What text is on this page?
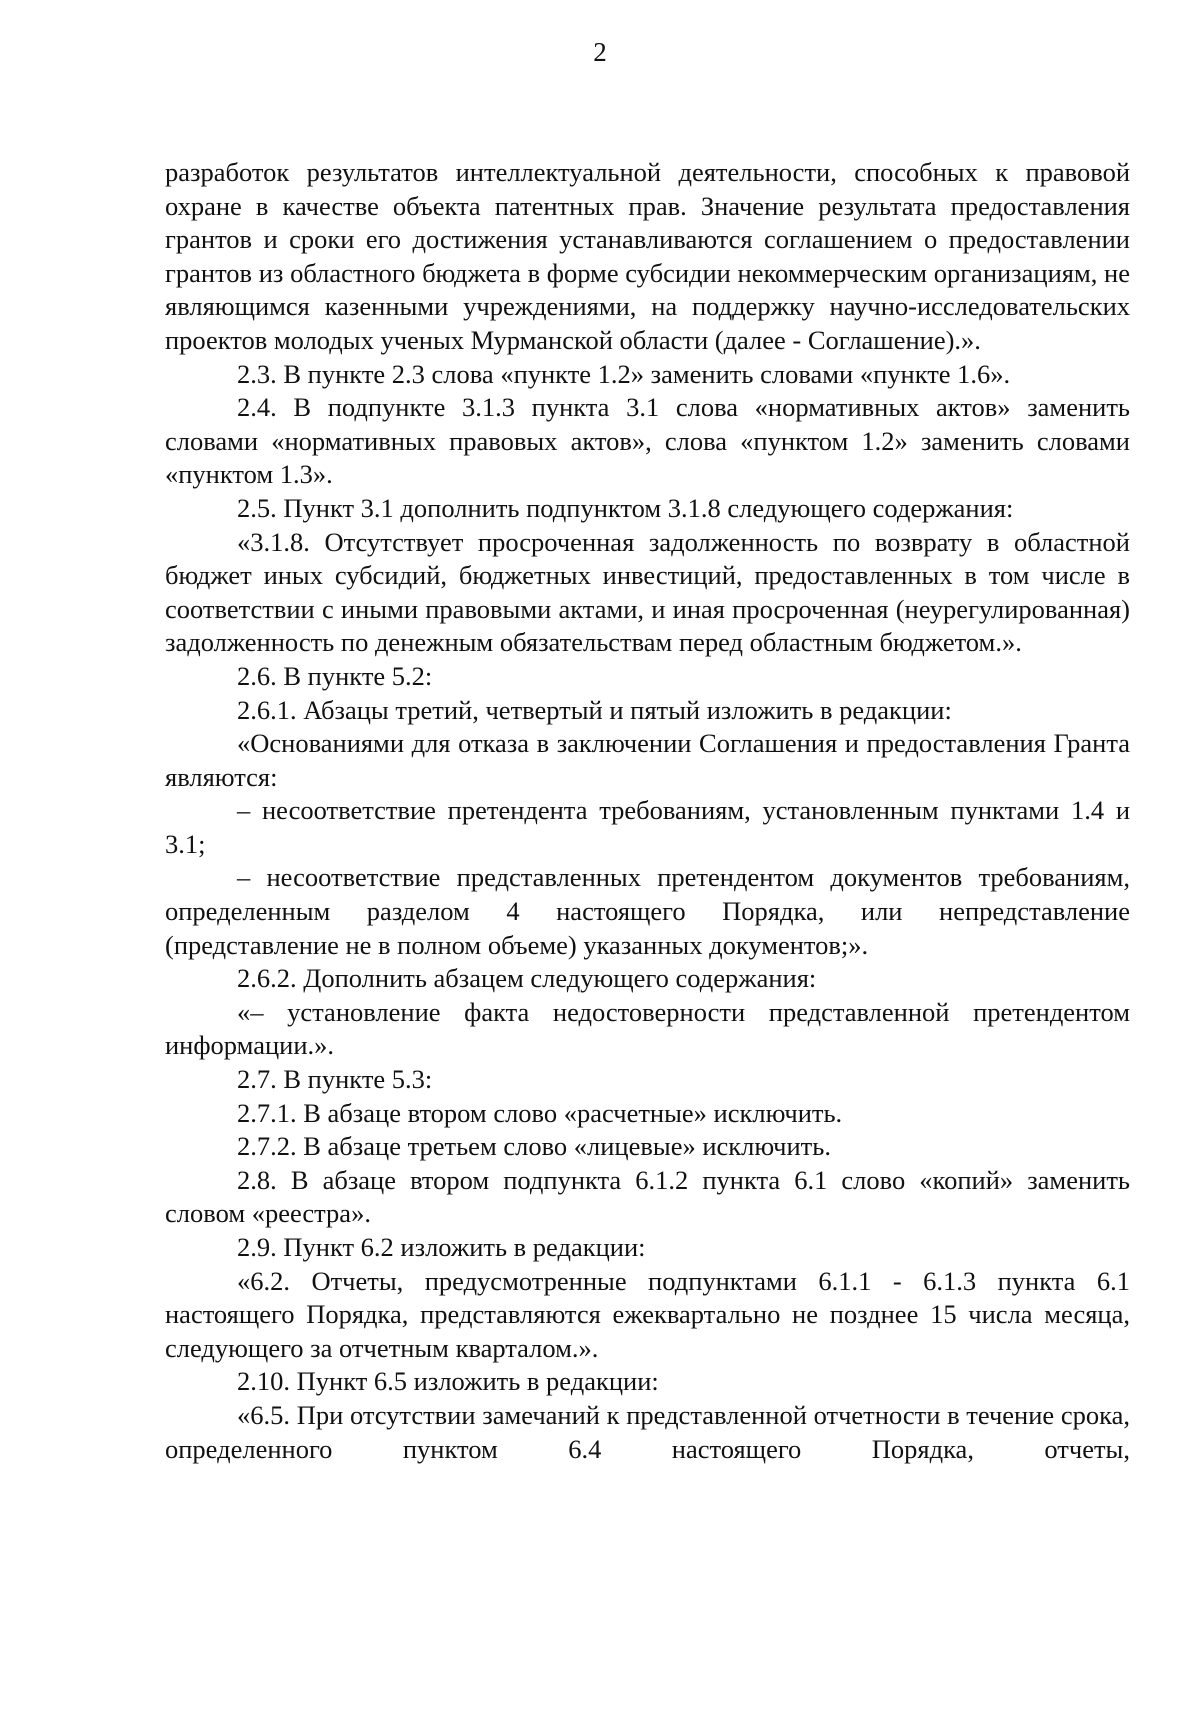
2

разработок результатов интеллектуальной деятельности, способных к правовой охране в качестве объекта патентных прав. Значение результата предоставления грантов и сроки его достижения устанавливаются соглашением о предоставлении грантов из областного бюджета в форме субсидии некоммерческим организациям, не являющимся казенными учреждениями, на поддержку научно-исследовательских проектов молодых ученых Мурманской области (далее - Соглашение).».

2.3. В пункте 2.3 слова «пункте 1.2» заменить словами «пункте 1.6».

2.4. В подпункте 3.1.3 пункта 3.1 слова «нормативных актов» заменить словами «нормативных правовых актов», слова «пунктом 1.2» заменить словами «пунктом 1.3».

2.5. Пункт 3.1 дополнить подпунктом 3.1.8 следующего содержания:

«3.1.8. Отсутствует просроченная задолженность по возврату в областной бюджет иных субсидий, бюджетных инвестиций, предоставленных в том числе в соответствии с иными правовыми актами, и иная просроченная (неурегулированная) задолженность по денежным обязательствам перед областным бюджетом.».

2.6. В пункте 5.2:

2.6.1. Абзацы третий, четвертый и пятый изложить в редакции:

«Основаниями для отказа в заключении Соглашения и предоставления Гранта являются:

– несоответствие претендента требованиям, установленным пунктами 1.4 и 3.1;

– несоответствие представленных претендентом документов требованиям, определенным разделом 4 настоящего Порядка, или непредставление (представление не в полном объеме) указанных документов;».

2.6.2. Дополнить абзацем следующего содержания:

«– установление факта недостоверности представленной претендентом информации.».

2.7. В пункте 5.3:

2.7.1. В абзаце втором слово «расчетные» исключить.

2.7.2. В абзаце третьем слово «лицевые» исключить.

2.8. В абзаце втором подпункта 6.1.2 пункта 6.1 слово «копий» заменить словом «реестра».

2.9. Пункт 6.2 изложить в редакции:

«6.2. Отчеты, предусмотренные подпунктами 6.1.1 - 6.1.3 пункта 6.1 настоящего Порядка, представляются ежеквартально не позднее 15 числа месяца, следующего за отчетным кварталом.».

2.10. Пункт 6.5 изложить в редакции:

«6.5. При отсутствии замечаний к представленной отчетности в течение срока, определенного пунктом 6.4 настоящего Порядка, отчеты,
